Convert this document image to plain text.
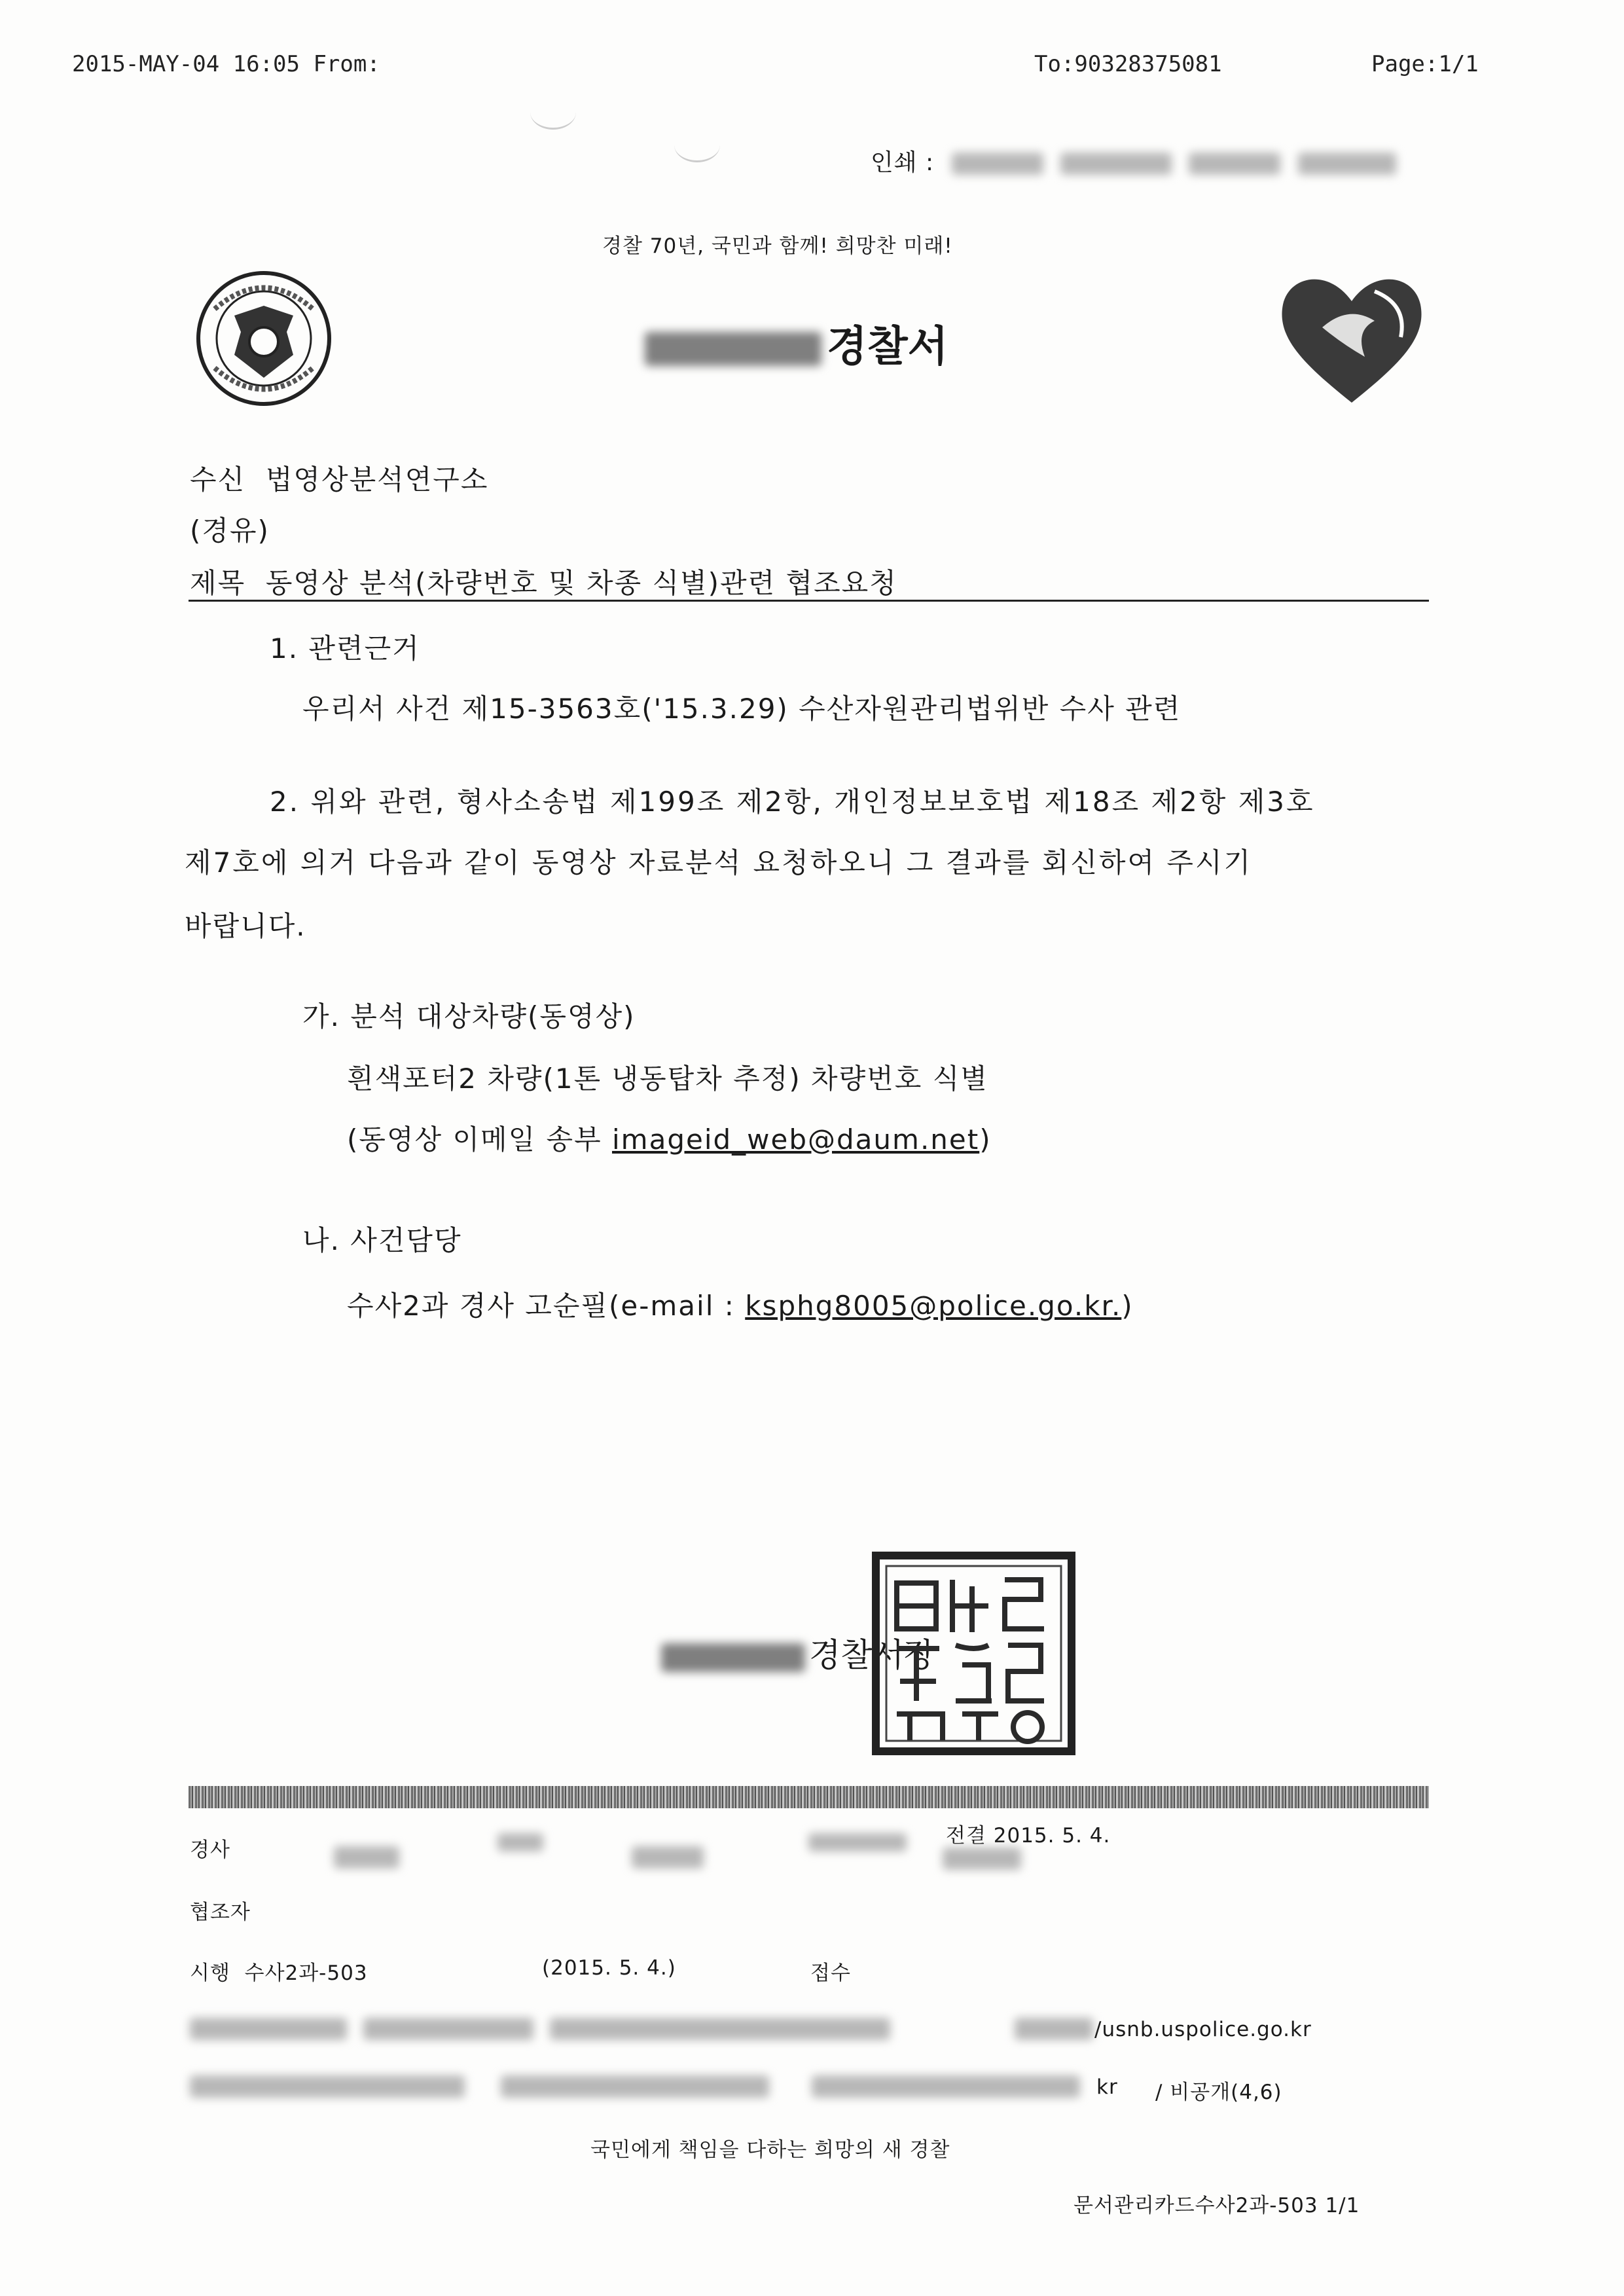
2015-MAY-04 16:05 From:	To:90328375081	Page:1/1
인쇄 :
경찰 70년, 국민과 함께! 희망찬 미래!
경찰서
수신 법영상분석연구소
(경유)
제목 동영상 분석(차량번호 및 차종 식별)관련 협조요청
1. 관련근거
우리서 사건 제15-3563호('15.3.29) 수산자원관리법위반 수사 관련
2. 위와 관련, 형사소송법 제199조 제2항, 개인정보보호법 제18조 제2항 제3호
제7호에 의거 다음과 같이 동영상 자료분석 요청하오니 그 결과를 회신하여 주시기
바랍니다.
가. 분석 대상차량(동영상)
흰색포터2 차량(1톤 냉동탑차 추정) 차량번호 식별
(동영상 이메일 송부 imageid_web@daum.net)
나. 사건담당
수사2과 경사 고순필(e-mail : ksphg8005@police.go.kr.)
경찰서장
경사
전결 2015. 5. 4.
협조자
시행 수사2과-503	(2015. 5. 4.)	접수

/usnb.uspolice.go.kr

kr / 비공개(4,6)
국민에게 책임을 다하는 희망의 새 경찰
문서관리카드수사2과-503 1/1
